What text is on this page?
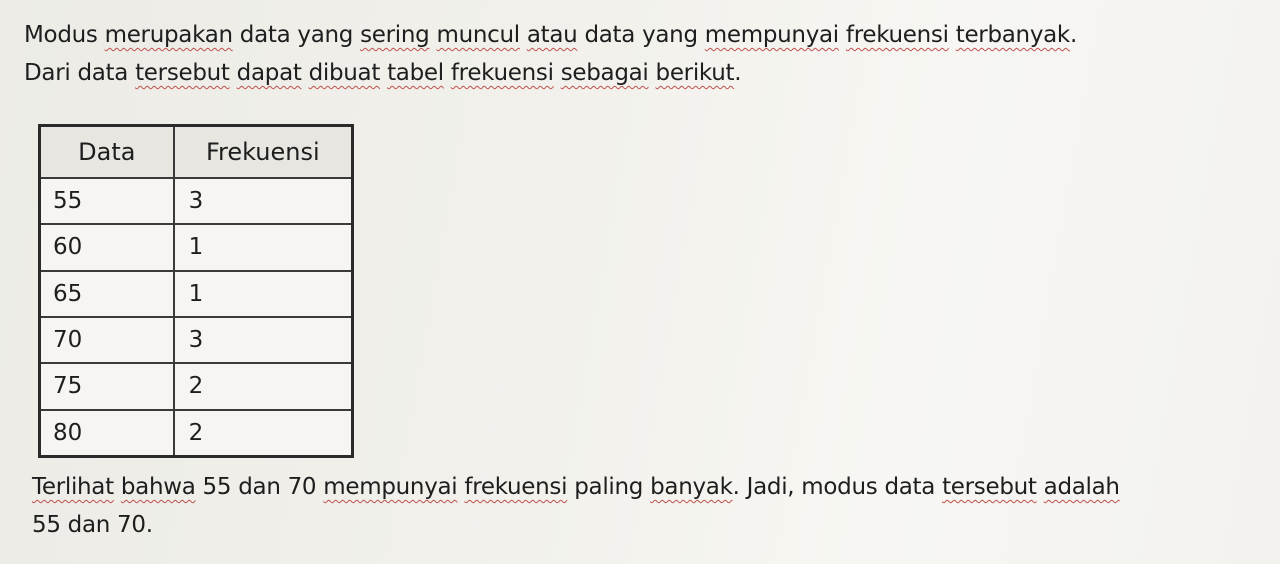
Modus merupakan data yang sering muncul atau data yang mempunyai frekuensi terbanyak.
Dari data tersebut dapat dibuat tabel frekuensi sebagai berikut.

Data	Frekuensi
55	3
60	1
65	1
70	3
75	2
80	2

Terlihat bahwa 55 dan 70 mempunyai frekuensi paling banyak. Jadi, modus data tersebut adalah
55 dan 70.
